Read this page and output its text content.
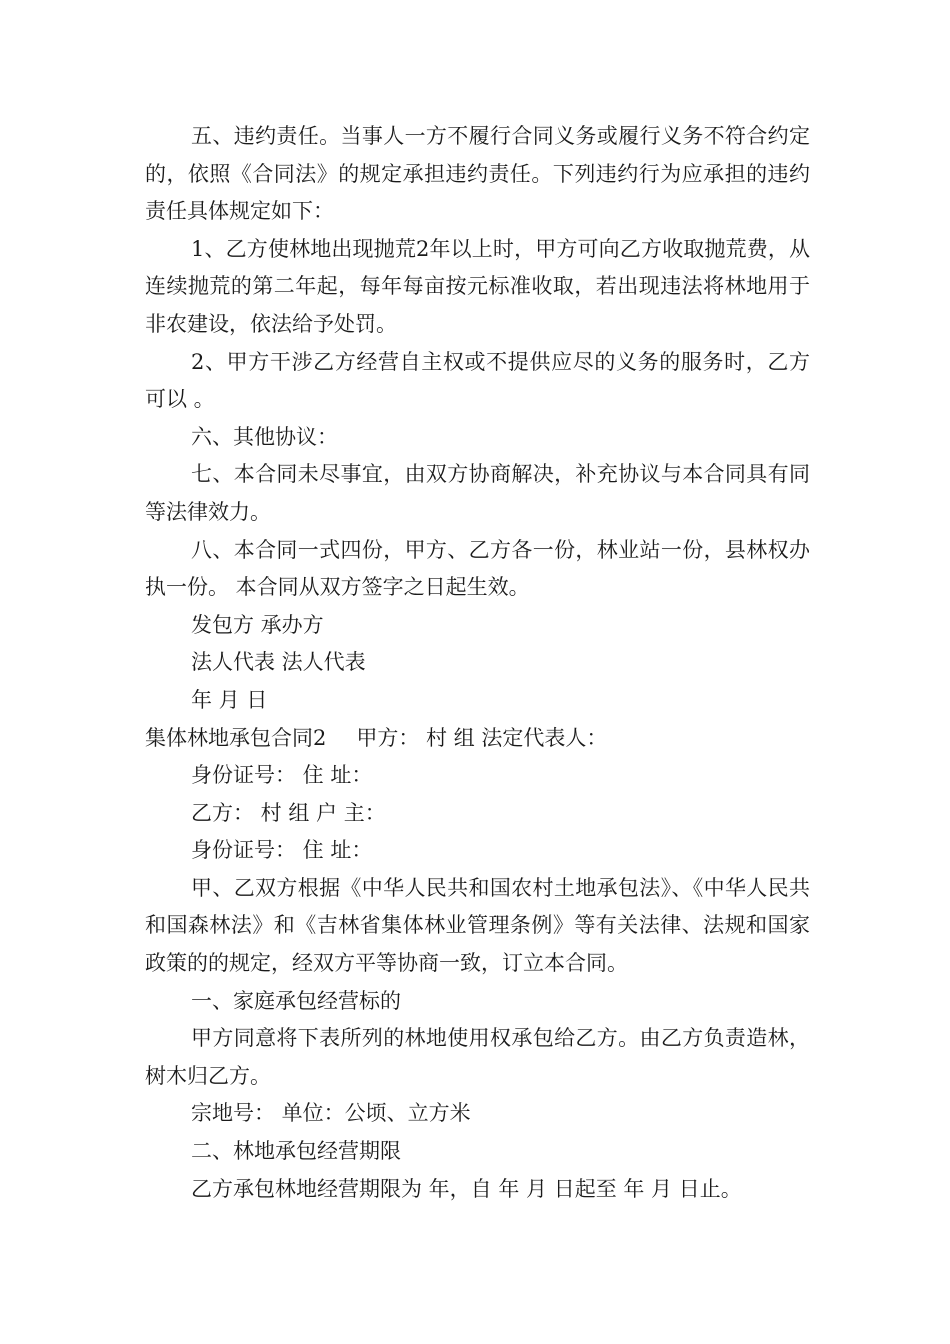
五、违约责任。当事人一方不履行合同义务或履行义务不符合约定的，依照《合同法》的规定承担违约责任。下列违约行为应承担的违约责任具体规定如下：

1、乙方使林地出现抛荒2年以上时，甲方可向乙方收取抛荒费，从连续抛荒的第二年起，每年每亩按元标准收取，若出现违法将林地用于非农建设，依法给予处罚。

2、甲方干涉乙方经营自主权或不提供应尽的义务的服务时，乙方可以 。

六、其他协议：

七、本合同未尽事宜，由双方协商解决，补充协议与本合同具有同等法律效力。

八、本合同一式四份，甲方、乙方各一份，林业站一份，县林权办执一份。 本合同从双方签字之日起生效。

发包方 承办方

法人代表 法人代表

年 月 日

集体林地承包合同2 甲方： 村 组 法定代表人：

身份证号： 住 址：

乙方： 村 组 户 主：

身份证号： 住 址：

甲、乙双方根据《中华人民共和国农村土地承包法》、《中华人民共和国森林法》和《吉林省集体林业管理条例》等有关法律、法规和国家政策的的规定，经双方平等协商一致，订立本合同。

一、家庭承包经营标的

甲方同意将下表所列的林地使用权承包给乙方。由乙方负责造林，树木归乙方。

宗地号： 单位：公顷、立方米

二、林地承包经营期限

乙方承包林地经营期限为 年，自 年 月 日起至 年 月 日止。
